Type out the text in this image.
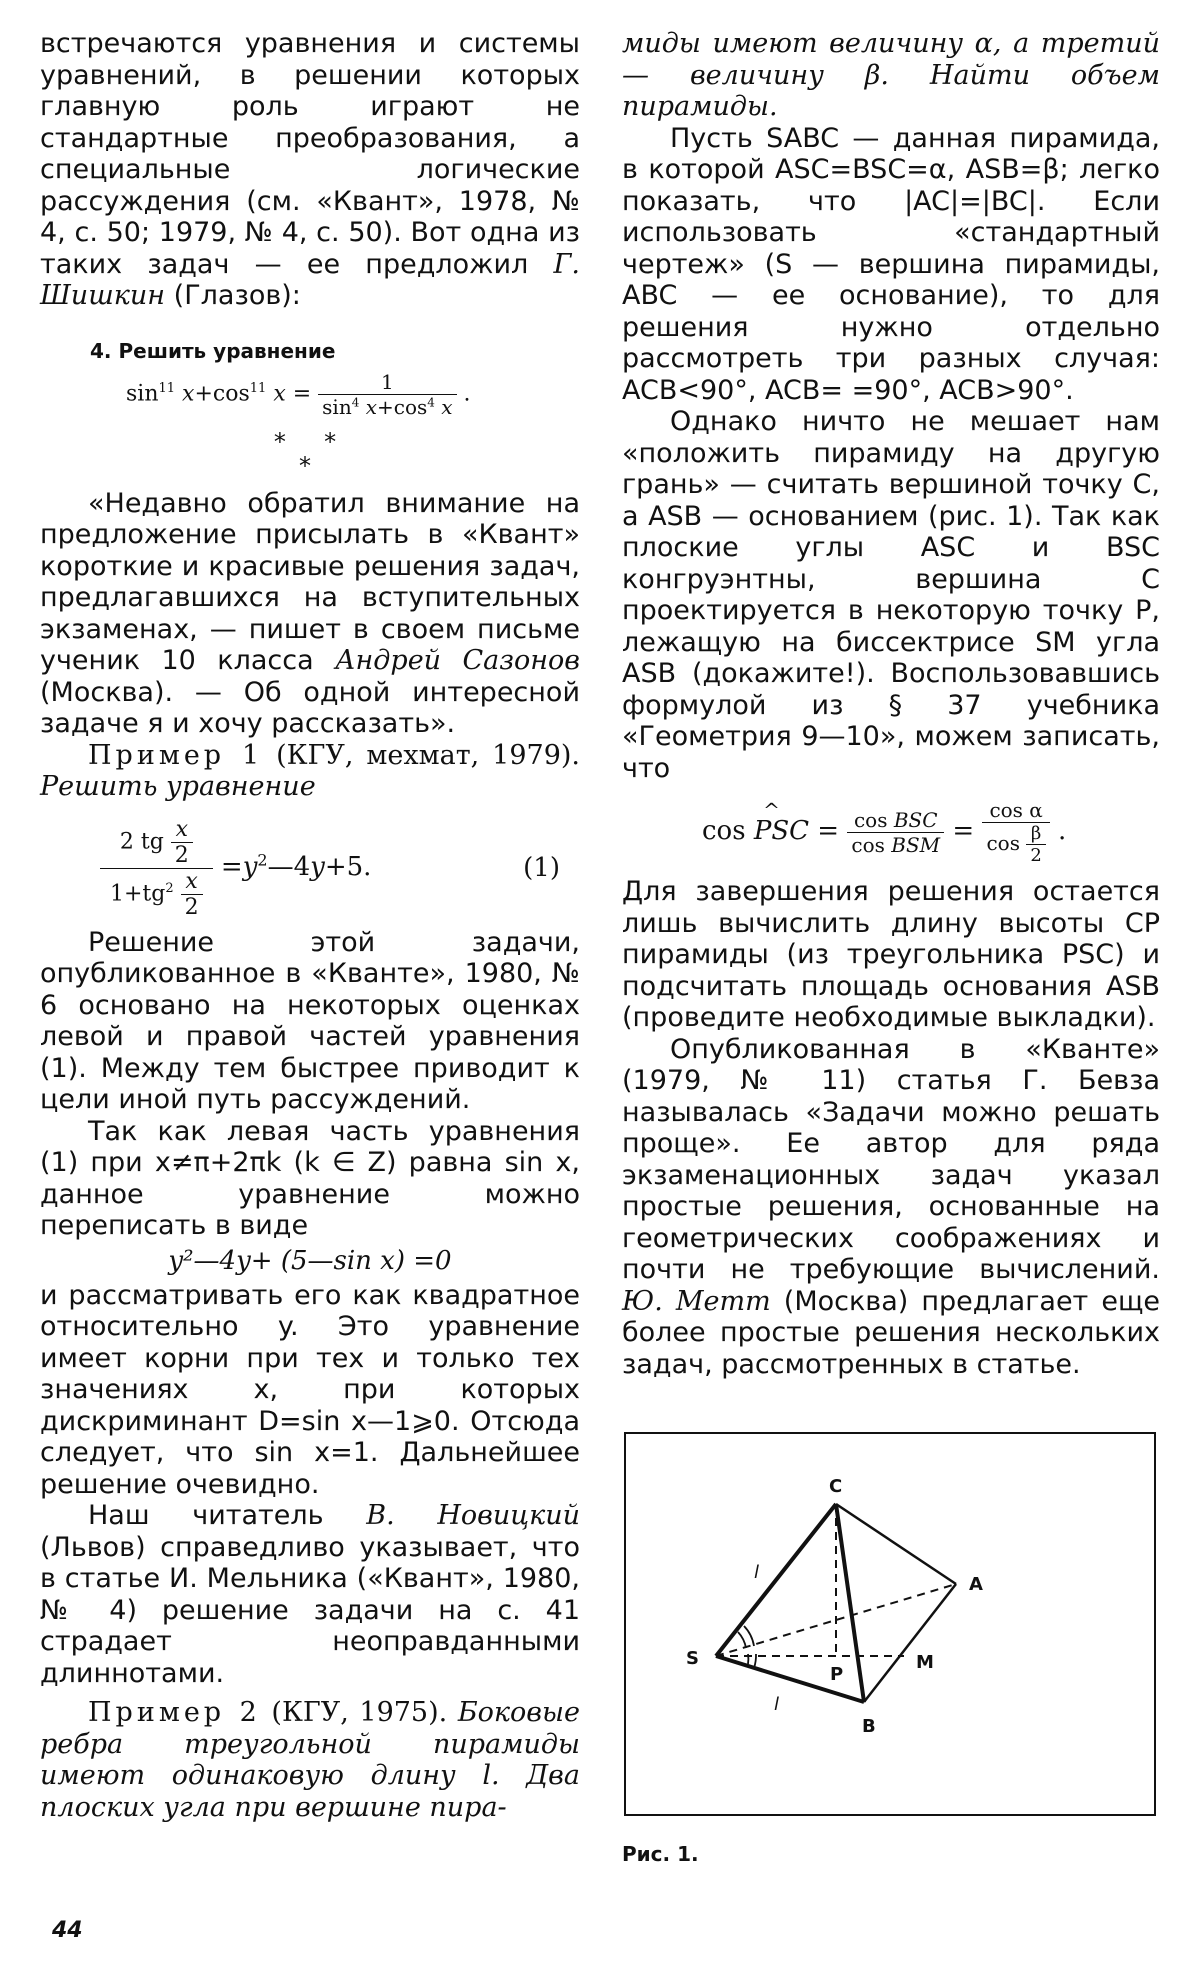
встречаются уравнения и системы уравнений, в решении которых главную роль играют не стандартные преобразования, а специальные логические рассуждения (см. «Квант», 1978, № 4, с. 50; 1979, № 4, с. 50). Вот одна из таких задач — ее предложил Г. Шишкин (Глазов):

4. Решить уравнение

$\sin^{11} x+\cos^{11}$ $x = \frac{1}{\sin^4 x+\cos^4 x}$ .
*     *
*

«Недавно обратил внимание на предложение присылать в «Квант» короткие и красивые решения задач, предлагавшихся на вступительных экзаменах, — пишет в своем письме ученик 10 класса Андрей Сазонов (Москва). — Об одной интересной задаче я и хочу рассказать».

Пример 1 (КГУ, мехмат, 1979). Решить уравнение

$\frac{2 tg \frac{x}{2}}{1+tg^2 \frac{x}{2}}$ $=y^2—4y+5$.	(1)

Решение этой задачи, опубликованное в «Кванте», 1980, № 6 основано на некоторых оценках левой и правой частей уравнения (1). Между тем быстрее приводит к цели иной путь рассуждений.

Так как левая часть уравнения (1) при x≠π+2πk (k ∈ Z) равна sin x, данное уравнение можно переписать в виде

y²—4y+ (5—sin x) =0

и рассматривать его как квадратное относительно y. Это уравнение имеет корни при тех и только тех значениях x, при которых дискриминант D=sin x—1⩾0. Отсюда следует, что sin x=1. Дальнейшее решение очевидно.

Наш читатель В. Новицкий (Львов) справедливо указывает, что в статье И. Мельника («Квант», 1980, № 4) решение задачи на с. 41 страдает неоправданными длиннотами.

Пример 2 (КГУ, 1975). Боковые ребра треугольной пирамиды имеют одинаковую длину l. Два плоских угла при вершине пира-

миды имеют величину α, а третий — величину β. Найти объем пирамиды.

Пусть SABC — данная пирамида, в которой ASC=BSC=α, ASB=β; легко показать, что |AC|=|BC|. Если использовать «стандартный чертеж» (S — вершина пирамиды, ABC — ее основание), то для решения нужно отдельно рассмотреть три разных случая: ACB<90°, ACB= =90°, ACB>90°.

Однако ничто не мешает нам «положить пирамиду на другую грань» — считать вершиной точку C, а ASB — основанием (рис. 1). Так как плоские углы ASC и BSC конгруэнтны, вершина C проектируется в некоторую точку P, лежащую на биссектрисе SM угла ASB (докажите!). Воспользовавшись формулой из § 37 учебника «Геометрия 9—10», можем записать, что

cos ^ PSC = $\frac{\text{cos BSC}}{\text{cos BSM}} = \frac{\text{cos α}}{\cos \frac{\beta}{2}}$ .

Для завершения решения остается лишь вычислить длину высоты CP пирамиды (из треугольника PSC) и подсчитать площадь основания ASB (проведите необходимые выкладки).

Опубликованная в «Кванте» (1979, № 11) статья Г. Бевза называлась «Задачи можно решать проще». Ее автор для ряда экзаменационных задач указал простые решения, основанные на геометрических соображениях и почти не требующие вычислений. Ю. Метт (Москва) предлагает еще более простые решения нескольких задач, рассмотренных в статье.

C
A
S
P
M
B
l
l
Рис. 1.
44
